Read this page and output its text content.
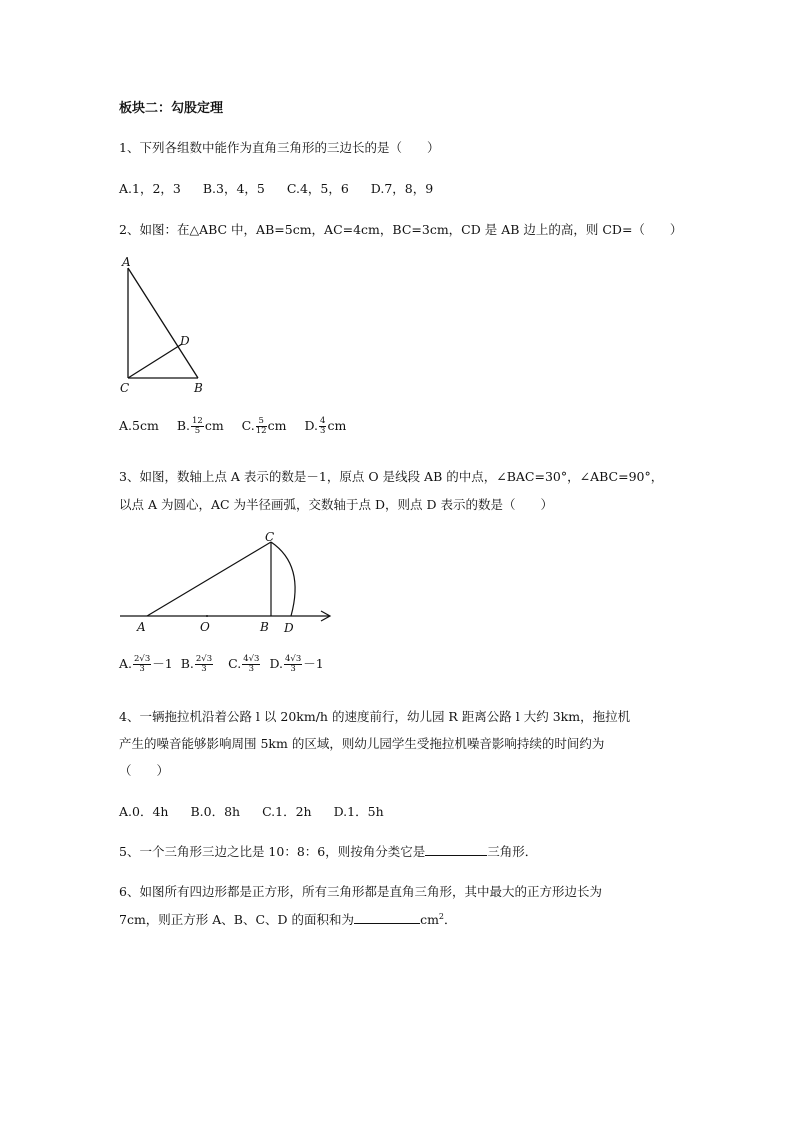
板块二：勾股定理
1、下列各组数中能作为直角三角形的三边长的是（　　）
A.1，2，3 B.3，4，5 C.4，5，6 D.7，8，9
2、如图：在△ABC 中，AB=5cm，AC=4cm，BC=3cm，CD 是 AB 边上的高，则 CD=（　　）
A
C	B
D
A.5cm B. $\frac{12}{5}$ cm C. $\frac{5}{12}$ cm D. $\frac{4}{3}$ cm
3、如图，数轴上点 A 表示的数是－1，原点 O 是线段 AB 的中点，∠BAC=30°，∠ABC=90°，
以点 A 为圆心，AC 为半径画弧，交数轴于点 D，则点 D 表示的数是（　　）
A	O	B D
C
A. $\frac{2√3}{3} -1$ B. $\frac{2√3}{3} C$. $\frac{4√3}{3} D$. $\frac{4√3}{3} -1$
4、一辆拖拉机沿着公路 l 以 20km/h 的速度前行，幼儿园 R 距离公路 l 大约 3km，拖拉机
产生的噪音能够影响周围 5km 的区域，则幼儿园学生受拖拉机噪音影响持续的时间约为
（　　）
A.0．4h B.0．8h C.1．2h D.1．5h
5、一个三角形三边之比是 10：8：6，则按角分类它是	三角形．
6、如图所有四边形都是正方形，所有三角形都是直角三角形，其中最大的正方形边长为
7cm，则正方形 A、B、C、D 的面积和为	$cm^2$．
